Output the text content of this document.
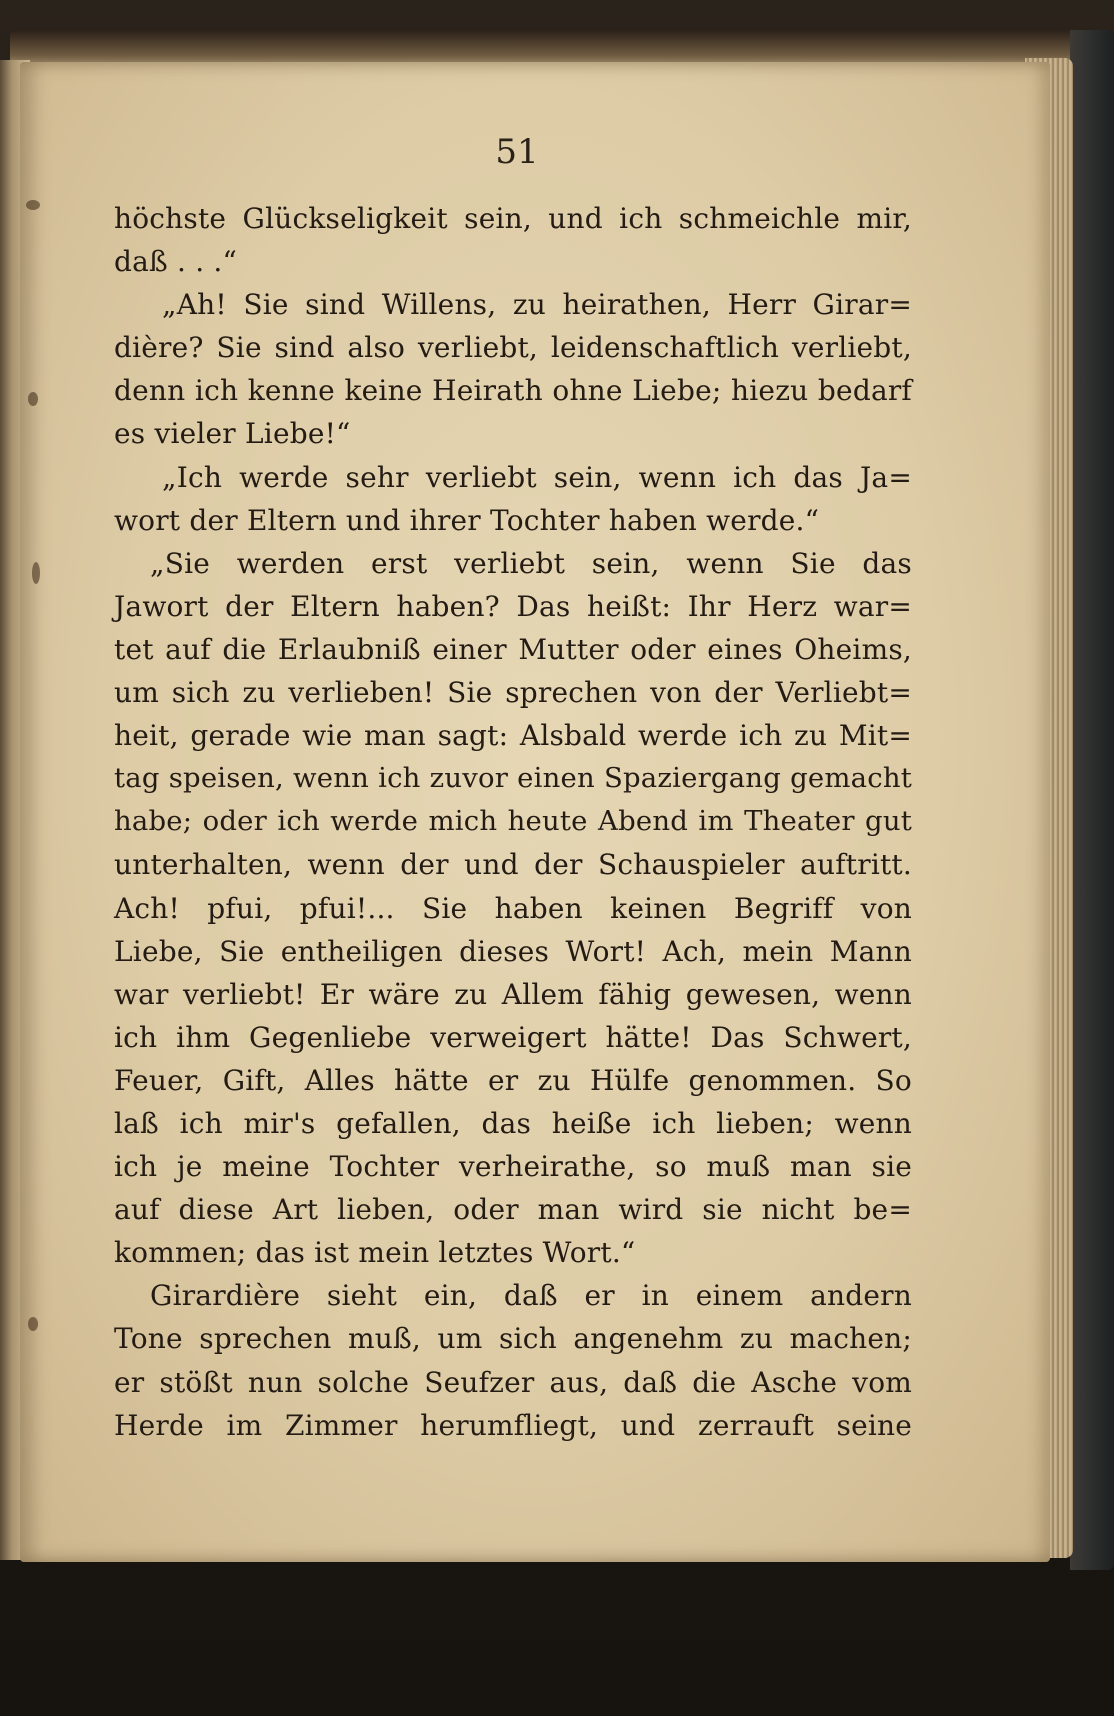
51
höchste Glückseligkeit sein, und ich schmeichle mir,
daß . . .“
„Ah! Sie sind Willens, zu heirathen, Herr Girar=
dière? Sie sind also verliebt, leidenschaftlich verliebt,
denn ich kenne keine Heirath ohne Liebe; hiezu bedarf
es vieler Liebe!“
„Ich werde sehr verliebt sein, wenn ich das Ja=
wort der Eltern und ihrer Tochter haben werde.“
„Sie werden erst verliebt sein, wenn Sie das
Jawort der Eltern haben? Das heißt: Ihr Herz war=
tet auf die Erlaubniß einer Mutter oder eines Oheims,
um sich zu verlieben! Sie sprechen von der Verliebt=
heit, gerade wie man sagt: Alsbald werde ich zu Mit=
tag speisen, wenn ich zuvor einen Spaziergang gemacht
habe; oder ich werde mich heute Abend im Theater gut
unterhalten, wenn der und der Schauspieler auftritt.
Ach! pfui, pfui!... Sie haben keinen Begriff von
Liebe, Sie entheiligen dieses Wort! Ach, mein Mann
war verliebt! Er wäre zu Allem fähig gewesen, wenn
ich ihm Gegenliebe verweigert hätte! Das Schwert,
Feuer, Gift, Alles hätte er zu Hülfe genommen. So
laß ich mir's gefallen, das heiße ich lieben; wenn
ich je meine Tochter verheirathe, so muß man sie
auf diese Art lieben, oder man wird sie nicht be=
kommen; das ist mein letztes Wort.“
Girardière sieht ein, daß er in einem andern
Tone sprechen muß, um sich angenehm zu machen;
er stößt nun solche Seufzer aus, daß die Asche vom
Herde im Zimmer herumfliegt, und zerrauft seine
